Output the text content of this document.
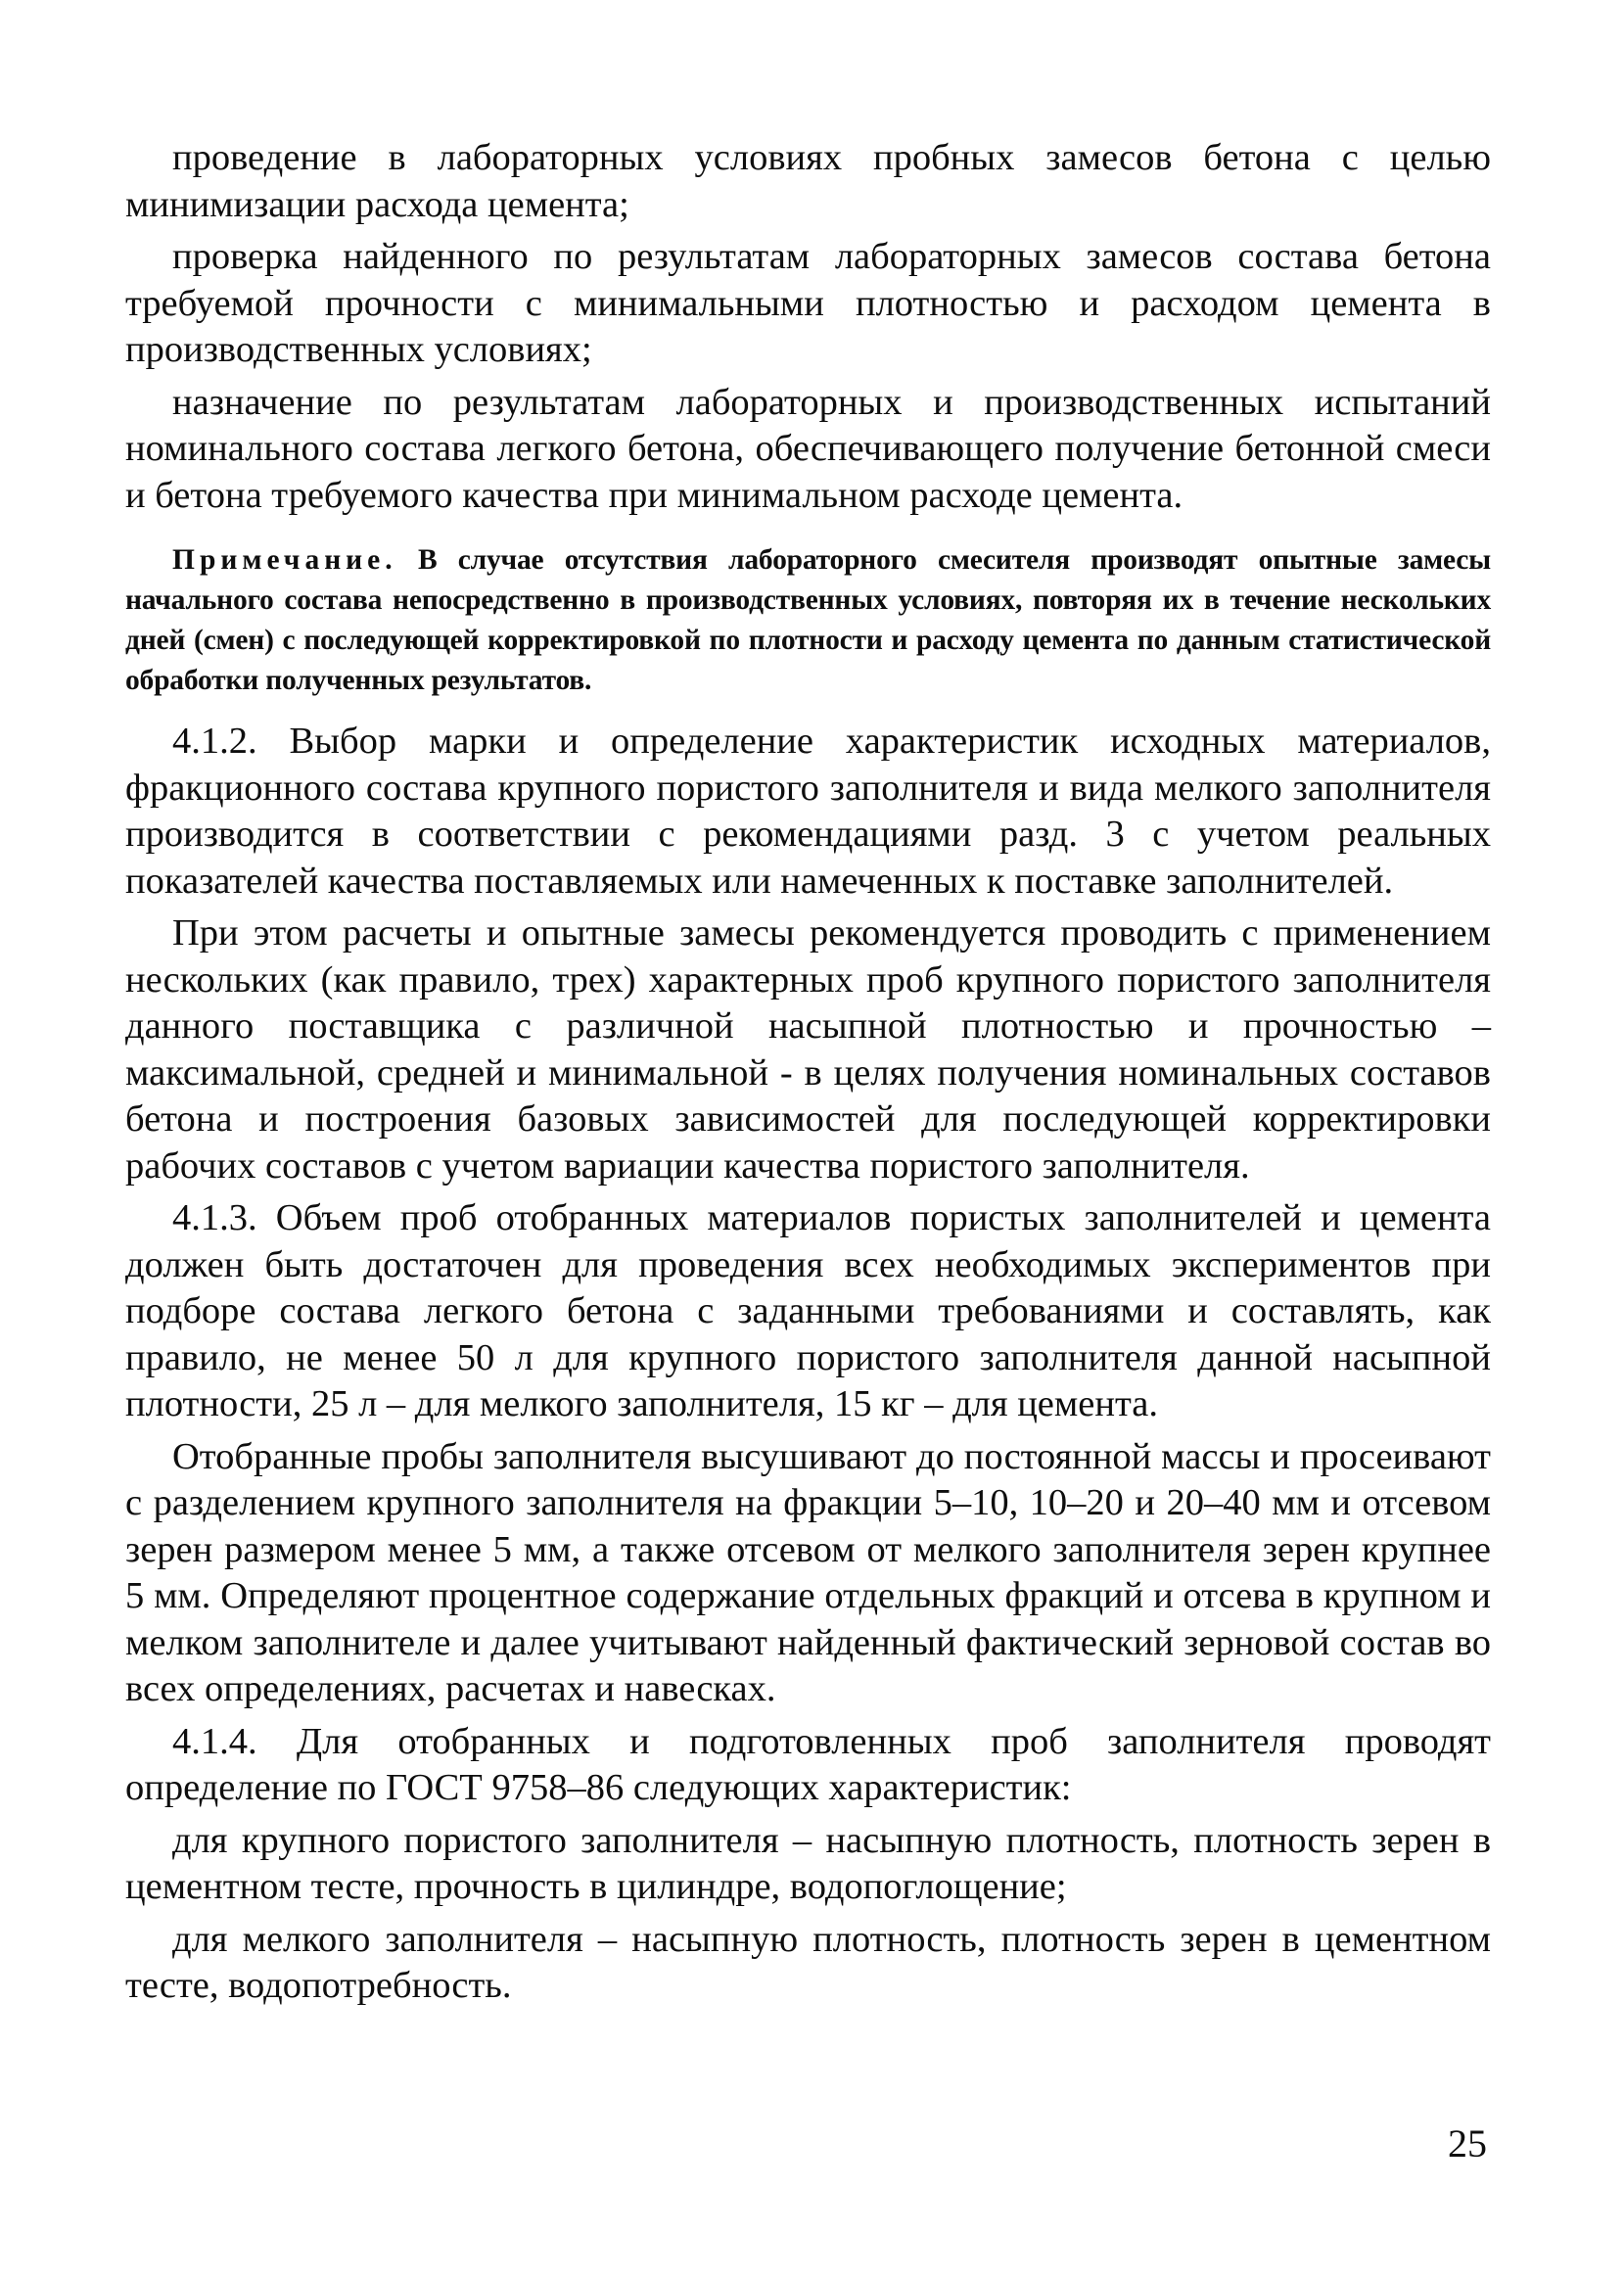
проведение в лабораторных условиях пробных замесов бетона с целью минимизации расхода цемента;

проверка найденного по результатам лабораторных замесов состава бетона требуемой прочности с минимальными плотностью и расходом цемента в производственных условиях;

назначение по результатам лабораторных и производственных испытаний номинального состава легкого бетона, обеспечивающего получение бетонной смеси и бетона требуемого качества при минимальном расходе цемента.

Примечание. В случае отсутствия лабораторного смесителя производят опытные замесы начального состава непосредственно в производственных условиях, повторяя их в течение нескольких дней (смен) с последующей корректировкой по плотности и расходу цемента по данным статистической обработки полученных результатов.

4.1.2. Выбор марки и определение характеристик исходных материалов, фракционного состава крупного пористого заполнителя и вида мелкого заполнителя производится в соответствии с рекомендациями разд. 3 с учетом реальных показателей качества поставляемых или намеченных к поставке заполнителей.

При этом расчеты и опытные замесы рекомендуется проводить с применением нескольких (как правило, трех) характерных проб крупного пористого заполнителя данного поставщика с различной насыпной плотностью и прочностью – максимальной, средней и минимальной - в целях получения номинальных составов бетона и построения базовых зависимостей для последующей корректировки рабочих составов с учетом вариации качества пористого заполнителя.

4.1.3. Объем проб отобранных материалов пористых заполнителей и цемента должен быть достаточен для проведения всех необходимых экспериментов при подборе состава легкого бетона с заданными требованиями и составлять, как правило, не менее 50 л для крупного пористого заполнителя данной насыпной плотности, 25 л – для мелкого заполнителя, 15 кг – для цемента.

Отобранные пробы заполнителя высушивают до постоянной массы и просеивают с разделением крупного заполнителя на фракции 5–10, 10–20 и 20–40 мм и отсевом зерен размером менее 5 мм, а также отсевом от мелкого заполнителя зерен крупнее 5 мм. Определяют процентное содержание отдельных фракций и отсева в крупном и мелком заполнителе и далее учитывают найденный фактический зерновой состав во всех определениях, расчетах и навесках.

4.1.4. Для отобранных и подготовленных проб заполнителя проводят определение по ГОСТ 9758–86 следующих характеристик:

для крупного пористого заполнителя – насыпную плотность, плотность зерен в цементном тесте, прочность в цилиндре, водопоглощение;

для мелкого заполнителя – насыпную плотность, плотность зерен в цементном тесте, водопотребность.

25
